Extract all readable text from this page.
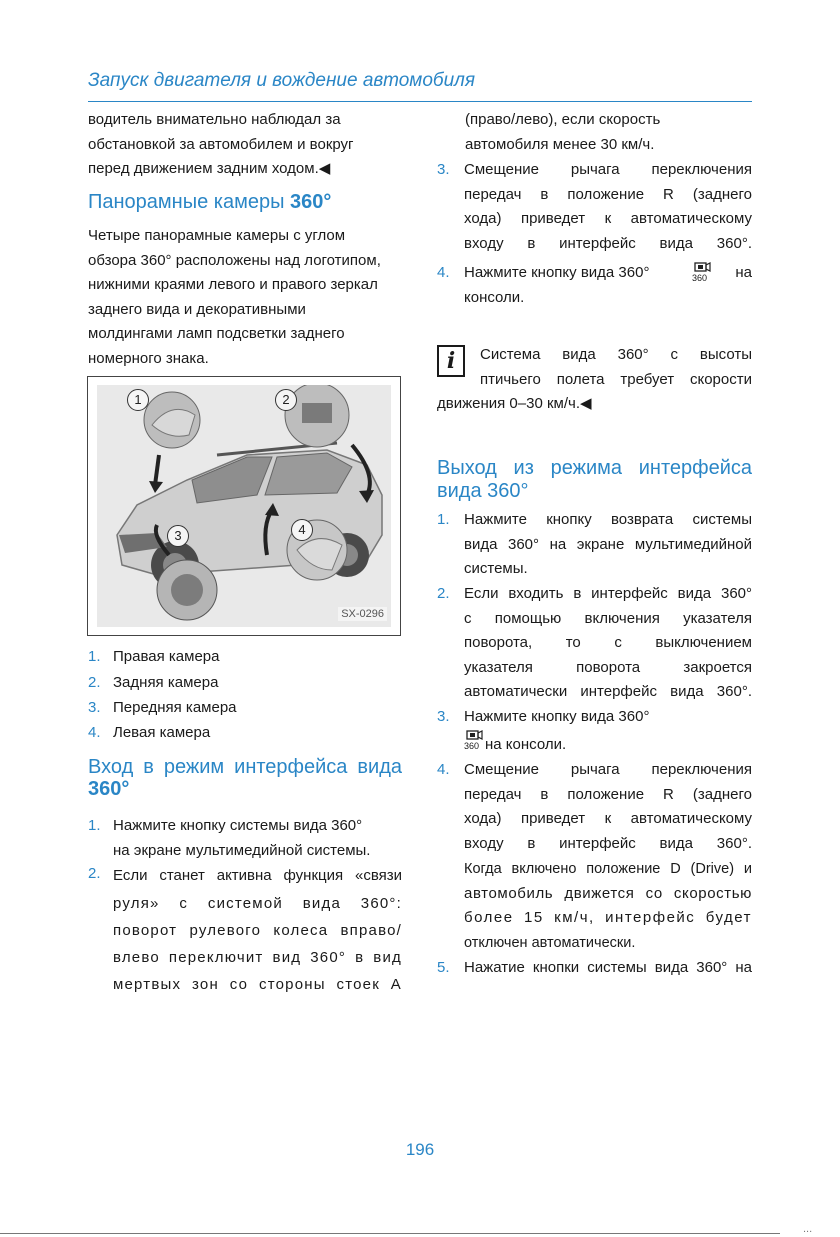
Запуск двигателя и вождение автомобиля
водитель внимательно наблюдал за
обстановкой за автомобилем и вокруг
перед движением задним ходом.◀
Панорамные камеры 360°
Четыре панорамные камеры с углом
обзора 360° расположены над логотипом,
нижними краями левого и правого зеркал
заднего вида и декоративными
молдингами ламп подсветки заднего
номерного знака.
1	2
3	4
SX-0296
1. Правая камера
2. Задняя камера
3. Передняя камера
4. Левая камера
Вход в режим интерфейса вида
360°
1. Нажмите кнопку системы вида 360°
на экране мультимедийной системы.
2. Если станет активна функция «связи
руля» с системой вида 360°:
поворот рулевого колеса вправо/
влево переключит вид 360° в вид
мертвых зон со стороны стоек А
(право/лево), если скорость
автомобиля менее 30 км/ч.
3. Смещение рычага переключения
передач в положение R (заднего
хода) приведет к автоматическому
входу в интерфейс вида 360°.
4. Нажмите кнопку вида 360°	360 на
консоли.
i	Система вида 360° с высоты
птичьего полета требует скорости
движения 0–30 км/ч.◀
Выход из режима интерфейса
вида 360°
1. Нажмите кнопку возврата системы
вида 360° на экране мультимедийной
системы.
2. Если входить в интерфейс вида 360°
с помощью включения указателя
поворота, то с выключением
указателя поворота закроется
автоматически интерфейс вида 360°.
3. Нажмите кнопку вида 360°
360 на консоли.
4. Смещение рычага переключения
передач в положение R (заднего
хода) приведет к автоматическому
входу в интерфейс вида 360°.
Когда включено положение D (Drive) и
автомобиль движется со скоростью
более 15 км/ч, интерфейс будет
отключен автоматически.
5. Нажатие кнопки системы вида 360° на
196
...
